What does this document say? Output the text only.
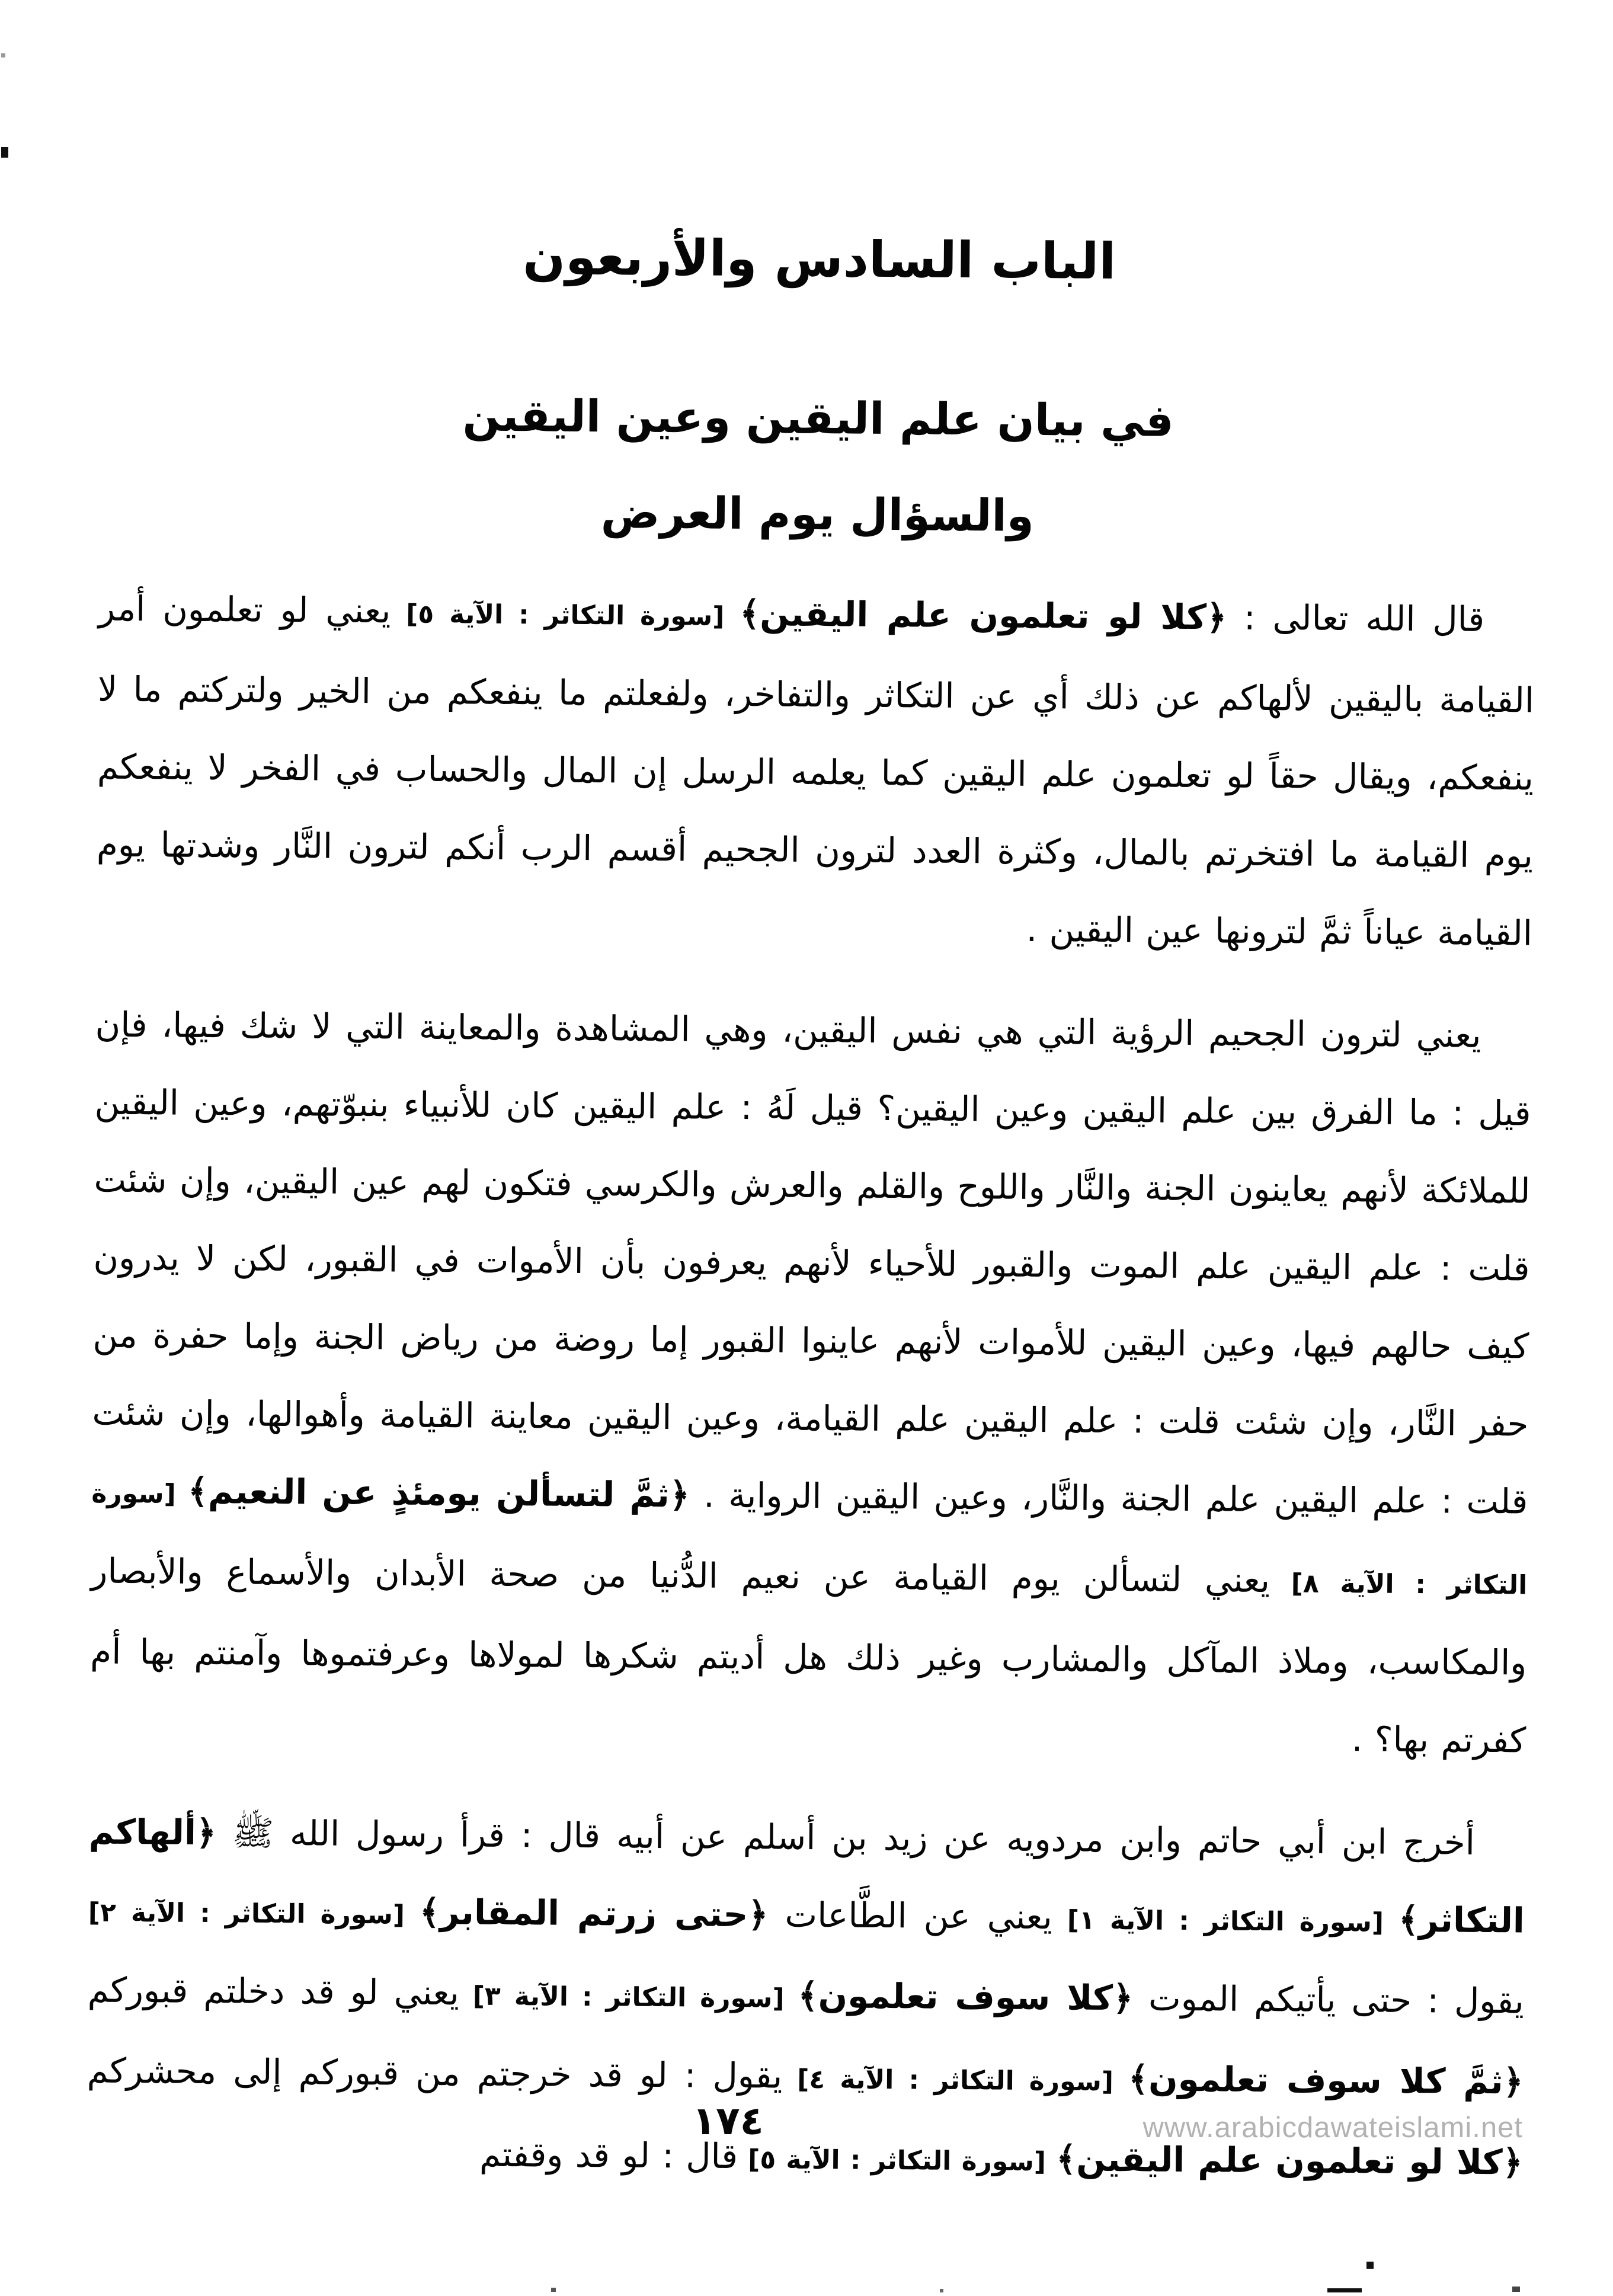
الباب السادس والأربعون
في بيان علم اليقين وعين اليقين
والسؤال يوم العرض

قال الله تعالى : ﴿كلا لو تعلمون علم اليقين﴾ [سورة التكاثر : الآية ٥] يعني لو تعلمون أمر القيامة باليقين لألهاكم عن ذلك أي عن التكاثر والتفاخر، ولفعلتم ما ينفعكم من الخير ولتركتم ما لا ينفعكم، ويقال حقاً لو تعلمون علم اليقين كما يعلمه الرسل إن المال والحساب في الفخر لا ينفعكم يوم القيامة ما افتخرتم بالمال، وكثرة العدد لترون الجحيم أقسم الرب أنكم لترون النَّار وشدتها يوم القيامة عياناً ثمَّ لترونها عين اليقين .

يعني لترون الجحيم الرؤية التي هي نفس اليقين، وهي المشاهدة والمعاينة التي لا شك فيها، فإن قيل : ما الفرق بين علم اليقين وعين اليقين؟ قيل لَهُ : علم اليقين كان للأنبياء بنبوّتهم، وعين اليقين للملائكة لأنهم يعاينون الجنة والنَّار واللوح والقلم والعرش والكرسي فتكون لهم عين اليقين، وإن شئت قلت : علم اليقين علم الموت والقبور للأحياء لأنهم يعرفون بأن الأموات في القبور، لكن لا يدرون كيف حالهم فيها، وعين اليقين للأموات لأنهم عاينوا القبور إما روضة من رياض الجنة وإما حفرة من حفر النَّار، وإن شئت قلت : علم اليقين علم القيامة، وعين اليقين معاينة القيامة وأهوالها، وإن شئت قلت : علم اليقين علم الجنة والنَّار، وعين اليقين الرواية . ﴿ثمَّ لتسألن يومئذٍ عن النعيم﴾ [سورة التكاثر : الآية ٨] يعني لتسألن يوم القيامة عن نعيم الدُّنيا من صحة الأبدان والأسماع والأبصار والمكاسب، وملاذ المآكل والمشارب وغير ذلك هل أديتم شكرها لمولاها وعرفتموها وآمنتم بها أم كفرتم بها؟ .

أخرج ابن أبي حاتم وابن مردويه عن زيد بن أسلم عن أبيه قال : قرأ رسول الله ﷺ ﴿ألهاكم التكاثر﴾ [سورة التكاثر : الآية ١] يعني عن الطَّاعات ﴿حتى زرتم المقابر﴾ [سورة التكاثر : الآية ٢] يقول : حتى يأتيكم الموت ﴿كلا سوف تعلمون﴾ [سورة التكاثر : الآية ٣] يعني لو قد دخلتم قبوركم ﴿ثمَّ كلا سوف تعلمون﴾ [سورة التكاثر : الآية ٤] يقول : لو قد خرجتم من قبوركم إلى محشركم ﴿كلا لو تعلمون علم اليقين﴾ [سورة التكاثر : الآية ٥] قال : لو قد وقفتم

١٧٤	www.arabicdawateislami.net
